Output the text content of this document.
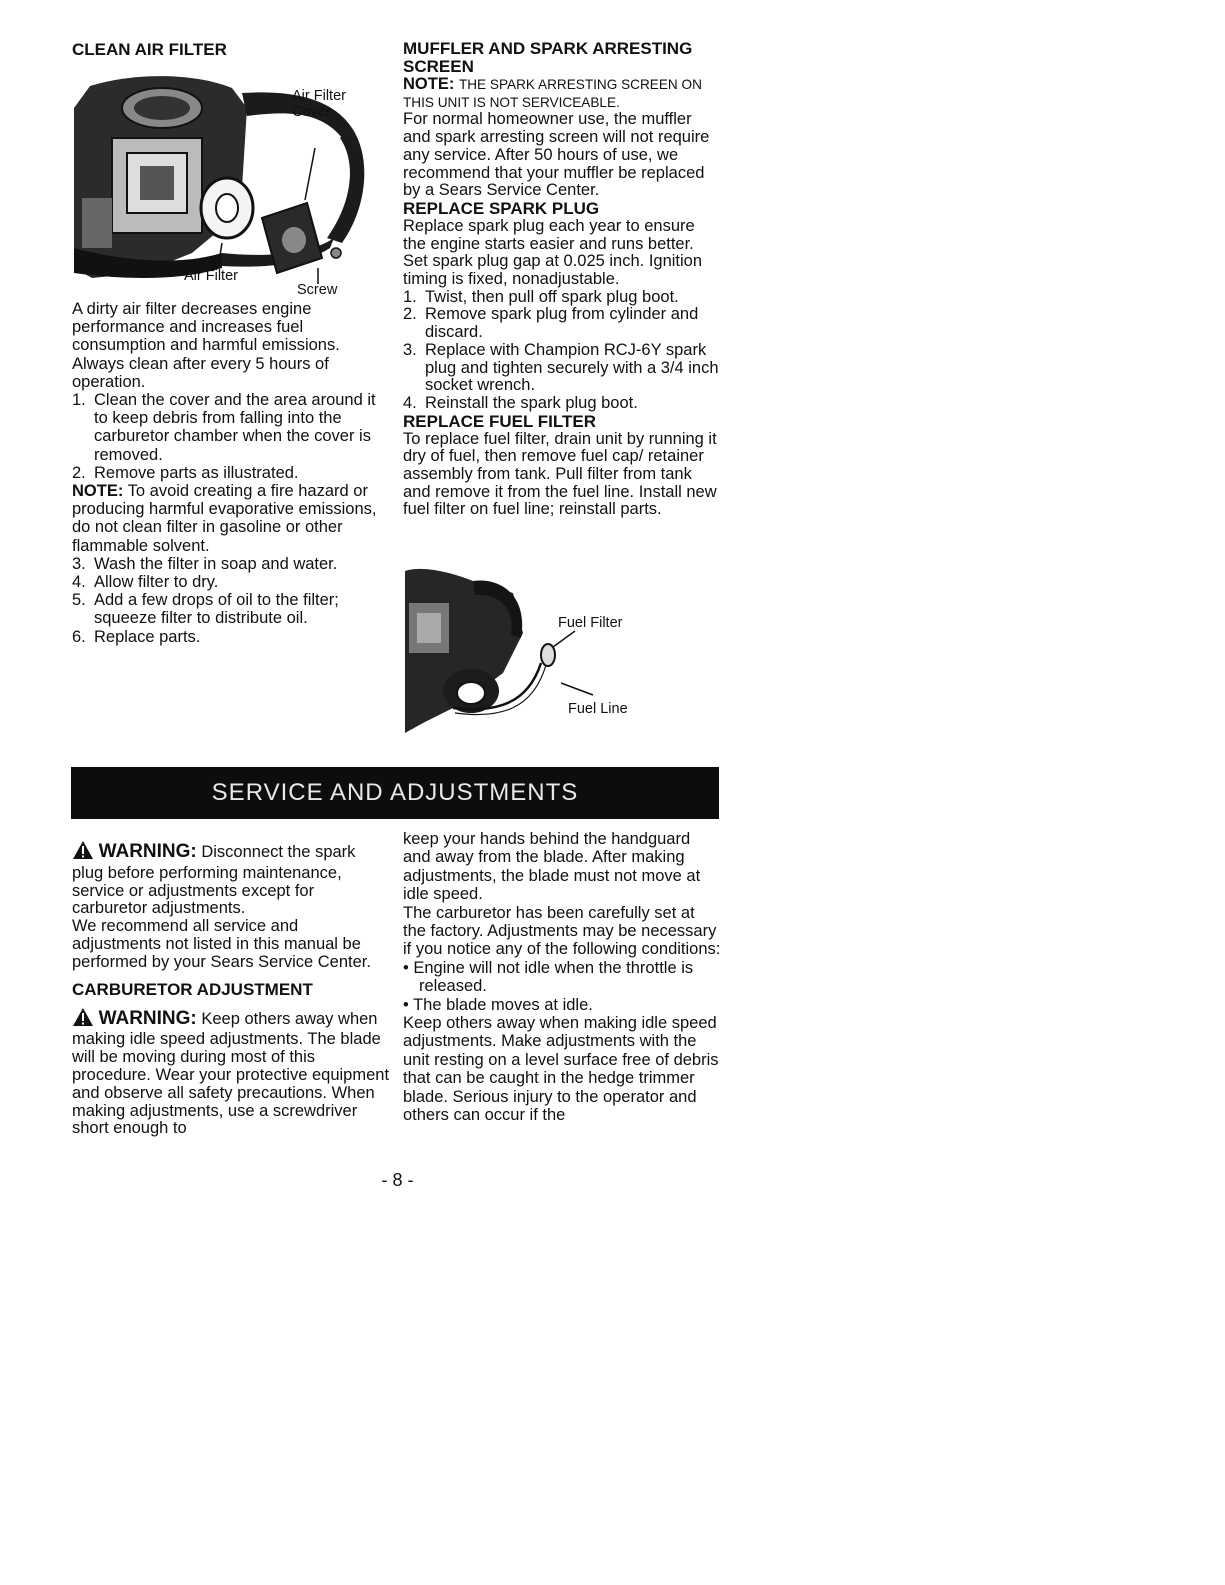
CLEAN AIR FILTER
Air Filter
Cover
Air Filter
Screw

A dirty air filter decreases engine performance and increases fuel consumption and harmful emissions. Always clean after every 5 hours of operation.

1. Clean the cover and the area around it to keep debris from falling into the carburetor chamber when the cover is removed.
2. Remove parts as illustrated.

NOTE: To avoid creating a fire hazard or producing harmful evaporative emissions, do not clean filter in gasoline or other flammable solvent.

3. Wash the filter in soap and water.
4. Allow filter to dry.
5. Add a few drops of oil to the filter; squeeze filter to distribute oil.
6. Replace parts.
MUFFLER AND SPARK ARRESTING SCREEN

NOTE: THE SPARK ARRESTING SCREEN ON THIS UNIT IS NOT SERVICEABLE.

For normal homeowner use, the muffler and spark arresting screen will not require any service. After 50 hours of use, we recommend that your muffler be replaced by a Sears Service Center.

REPLACE SPARK PLUG

Replace spark plug each year to ensure the engine starts easier and runs better. Set spark plug gap at 0.025 inch. Ignition timing is fixed, nonadjustable.

1. Twist, then pull off spark plug boot.
2. Remove spark plug from cylinder and discard.
3. Replace with Champion RCJ-6Y spark plug and tighten securely with a 3/4 inch socket wrench.
4. Reinstall the spark plug boot.
REPLACE FUEL FILTER

To replace fuel filter, drain unit by running it dry of fuel, then remove fuel cap/ retainer assembly from tank. Pull filter from tank and remove it from the fuel line. Install new fuel filter on fuel line; reinstall parts.

Fuel Filter
Fuel Line
SERVICE AND ADJUSTMENTS

WARNING: Disconnect the spark plug before performing maintenance, service or adjustments except for carburetor adjustments.

We recommend all service and adjustments not listed in this manual be performed by your Sears Service Center.

CARBURETOR ADJUSTMENT

WARNING: Keep others away when making idle speed adjustments. The blade will be moving during most of this procedure. Wear your protective equipment and observe all safety precautions. When making adjustments, use a screwdriver short enough to

keep your hands behind the handguard and away from the blade. After making adjustments, the blade must not move at idle speed.

The carburetor has been carefully set at the factory. Adjustments may be necessary if you notice any of the following conditions:

• Engine will not idle when the throttle is released.
• The blade moves at idle.

Keep others away when making idle speed adjustments. Make adjustments with the unit resting on a level surface free of debris that can be caught in the hedge trimmer blade. Serious injury to the operator and others can occur if the

- 8 -
